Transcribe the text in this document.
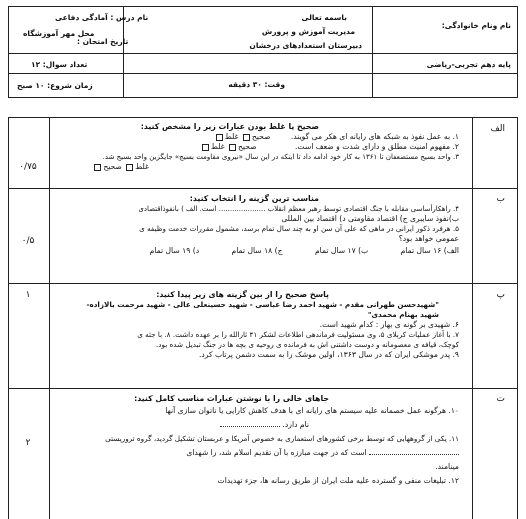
نام ونام خانوادگی:
باسمه تعالی
مدیریت آموزش و پرورش
دبیرستان استعدادهای درخشان
نام درس : آمادگی دفاعی
تاریخ امتحان :
محل مهر آموزشگاه
پایه دهم تجربی-ریاضی
وقت: ۳۰ دقیقه
زمان شروع: ۱۰ صبح
تعداد سوال: ۱۲
الف
۰/۷۵
صحیح یا غلط بودن عبارات زیر را مشخص کنید:
۱. به عمل نفوذ به شبکه های رایانه ای هکر می گویند. صحیح غلط
۲. مفهوم امنیت مطلق و دارای شدت و ضعف است. صحیح غلط
۳. واحد بسیج مستضعفان تا ۱۳۶۱ به کار خود ادامه داد تا اینکه در این سال «نیروی مقاومت بسیج» جایگزین واحد بسیج شد.
غلط صحیح
ب
۰/۵
مناسب ترین گزینه را انتخاب کنید:
۴. راهکارأساسی مقابله با جنگ اقتصادی توسط رهبر معظم انقلاب ..................... است. الف ) بانفوذاقتصادی
ب)نفوذ سایبری ج) اقتصاد مقاومتی د) اقتصاد بین المللی
۵. هرفرد ذکور ایرانی در ماهی که علی آن سن او به چند سال تمام برسد، مشمول مقررات خدمت وظیفه ی
عمومی خواهد بود؟
الف) ۱۶ سال تمام ب) ۱۷ سال تمام ج) ۱۸ سال تمام د) ۱۹ سال تمام
پ
۱	پاسخ صحیح را از بین گزینه های زیر پیدا کنید:
"شهیدحسن طهرانی مقدم - شهید احمد رضا عباسی - شهید حسینعلی عالی - شهید مرحمت بالازاده- شهید بهنام محمدی"
۶. شهیدی بر گونه ی بهار : کدام شهید است.
۷. با آغاز عملیات کربلای ۵، وی مسئولیت فرماندهی اطلاعات لشکر ۴۱ ثارالله را بر عهده داشت. ۸. با جثه ی
کوچک، قیافه ی معصومانه و دوست داشتنی اش به فرمانده ی روحیه ی بچه ها در جنگ تبدیل شده بود.
۹. پدر موشکی ایران که در سال ۱۳۶۳، اولین موشک را به سمت دشمن پرتاب کرد.
ت
۲
جاهای خالی را با نوشتن عبارات مناسب کامل کنید:
۱۰. هرگونه عمل خصمانه علیه سیستم های رایانه ای با هدف کاهش کارایی یا ناتوان سازی آنها
نام دارد.
۱۱. یکی از گروههایی که توسط برخی کشورهای استعماری به خصوص آمریکا و عربستان تشکیل گردید، گروه تروریستی
است که در جهت مبارزه با آن تقدیم اسلام شد، را شهدای
مینامند.
۱۲. تبلیغات منفی و گسترده علیه ملت ایران از طریق رسانه ها، جزء تهدیدات
